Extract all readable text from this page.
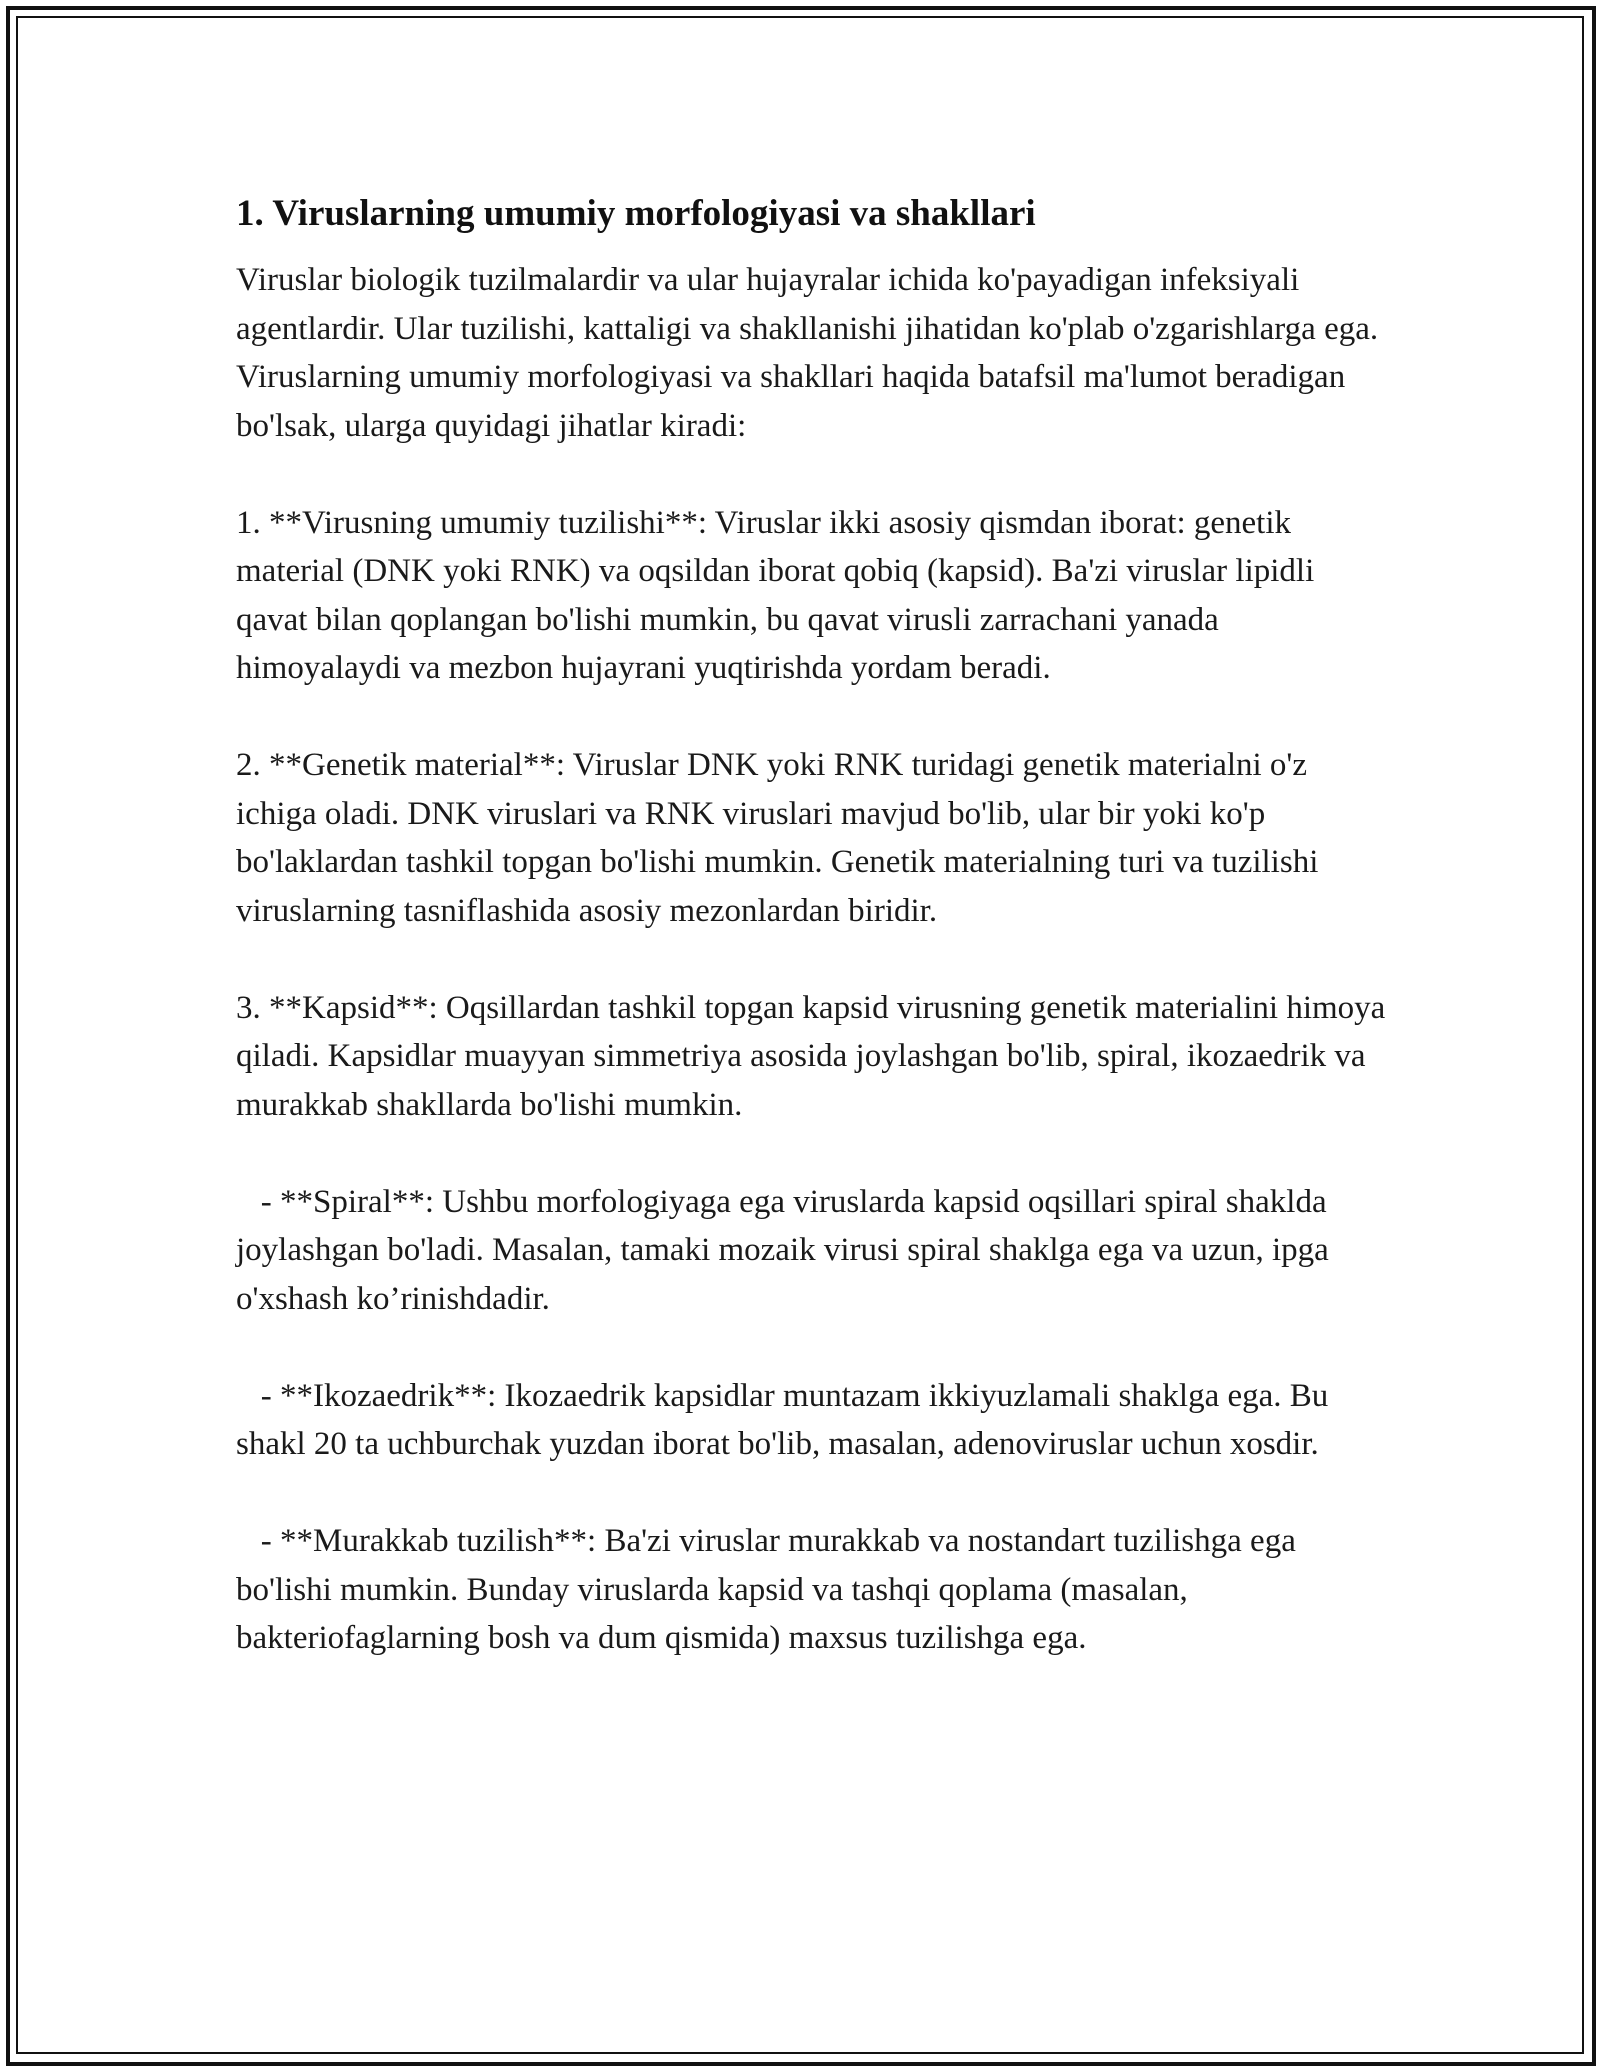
1. Viruslarning umumiy morfologiyasi va shakllari

Viruslar biologik tuzilmalardir va ular hujayralar ichida ko'payadigan infeksiyali agentlardir. Ular tuzilishi, kattaligi va shakllanishi jihatidan ko'plab o'zgarishlarga ega. Viruslarning umumiy morfologiyasi va shakllari haqida batafsil ma'lumot beradigan bo'lsak, ularga quyidagi jihatlar kiradi:

1. **Virusning umumiy tuzilishi**: Viruslar ikki asosiy qismdan iborat: genetik material (DNK yoki RNK) va oqsildan iborat qobiq (kapsid). Ba'zi viruslar lipidli qavat bilan qoplangan bo'lishi mumkin, bu qavat virusli zarrachani yanada himoyalaydi va mezbon hujayrani yuqtirishda yordam beradi.

2. **Genetik material**: Viruslar DNK yoki RNK turidagi genetik materialni o'z ichiga oladi. DNK viruslari va RNK viruslari mavjud bo'lib, ular bir yoki ko'p bo'laklardan tashkil topgan bo'lishi mumkin. Genetik materialning turi va tuzilishi viruslarning tasniflashida asosiy mezonlardan biridir.

3. **Kapsid**: Oqsillardan tashkil topgan kapsid virusning genetik materialini himoya qiladi. Kapsidlar muayyan simmetriya asosida joylashgan bo'lib, spiral, ikozaedrik va murakkab shakllarda bo'lishi mumkin.

- **Spiral**: Ushbu morfologiyaga ega viruslarda kapsid oqsillari spiral shaklda joylashgan bo'ladi. Masalan, tamaki mozaik virusi spiral shaklga ega va uzun, ipga o'xshash ko’rinishdadir.

- **Ikozaedrik**: Ikozaedrik kapsidlar muntazam ikkiyuzlamali shaklga ega. Bu shakl 20 ta uchburchak yuzdan iborat bo'lib, masalan, adenoviruslar uchun xosdir.

- **Murakkab tuzilish**: Ba'zi viruslar murakkab va nostandart tuzilishga ega bo'lishi mumkin. Bunday viruslarda kapsid va tashqi qoplama (masalan, bakteriofaglarning bosh va dum qismida) maxsus tuzilishga ega.
